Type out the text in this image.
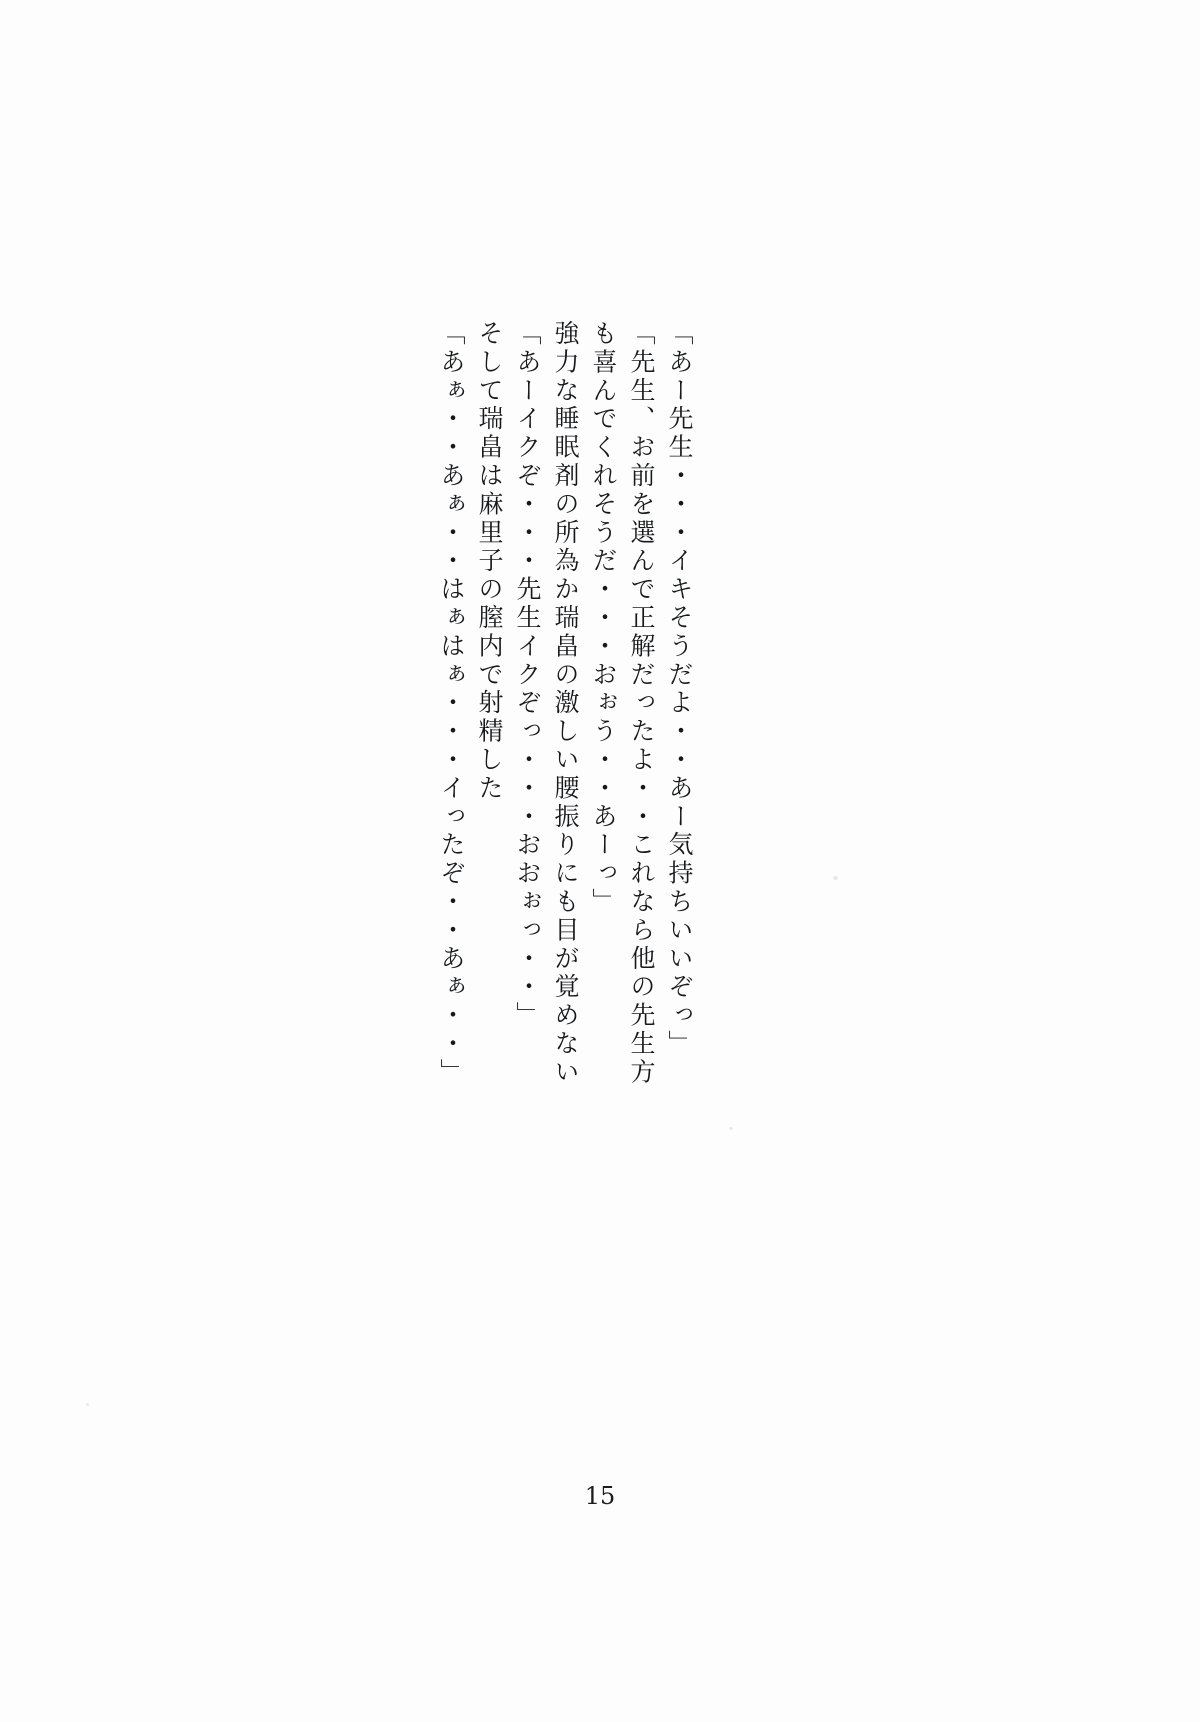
「あー先生・・・イキそうだよ・・あー気持ちいいぞっ」
「先生、お前を選んで正解だったよ・・これなら他の先生方
も喜んでくれそうだ・・・おぉう・・あーっ」
強力な睡眠剤の所為か瑞畠の激しい腰振りにも目が覚めない
「あーイクぞ・・・先生イクぞっ・・・おおぉっ・・」
そして瑞畠は麻里子の膣内で射精した
「あぁ・・あぁ・・はぁはぁ・・・イったぞ・・あぁ・・」
15
